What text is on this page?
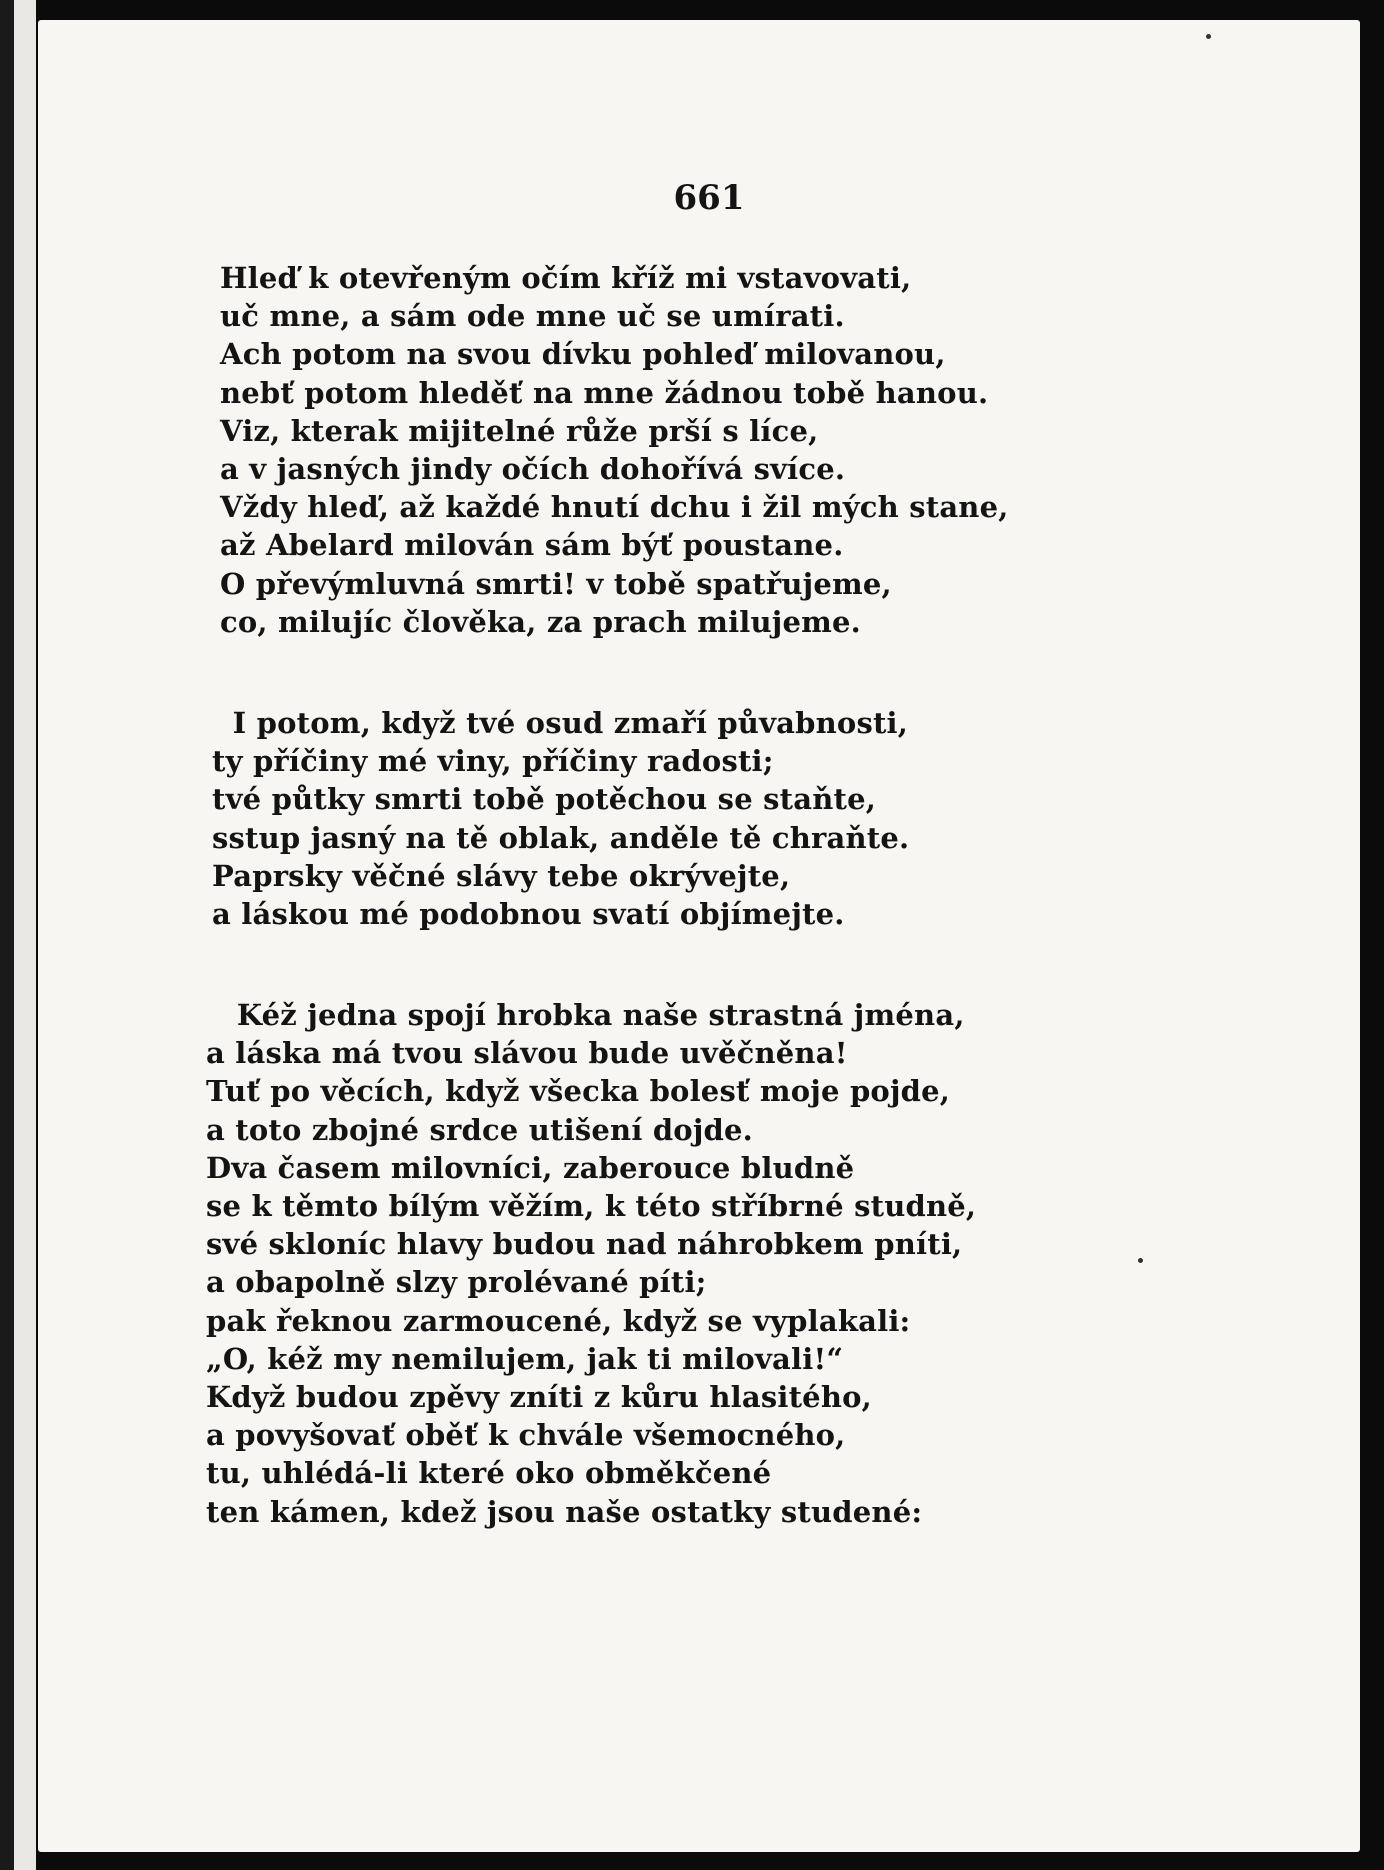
661
Hleď k otevřeným očím kříž mi vstavovati,
uč mne, a sám ode mne uč se umírati.
Ach potom na svou dívku pohleď milovanou,
nebť potom hleděť na mne žádnou tobě hanou.
Viz, kterak mijitelné růže prší s líce,
a v jasných jindy očích dohořívá svíce.
Vždy hleď, až každé hnutí dchu i žil mých stane,
až Abelard milován sám býť poustane.
O převýmluvná smrti! v tobě spatřujeme,
co, milujíc člověka, za prach milujeme.
I potom, když tvé osud zmaří půvabnosti,
ty příčiny mé viny, příčiny radosti;
tvé půtky smrti tobě potěchou se staňte,
sstup jasný na tě oblak, anděle tě chraňte.
Paprsky věčné slávy tebe okrývejte,
a láskou mé podobnou svatí objímejte.
Kéž jedna spojí hrobka naše strastná jména,
a láska má tvou slávou bude uvěčněna!
Tuť po věcích, když všecka bolesť moje pojde,
a toto zbojné srdce utišení dojde.
Dva časem milovníci, zaberouce bludně
se k těmto bílým věžím, k této stříbrné studně,
své skloníc hlavy budou nad náhrobkem pníti,
a obapolně slzy prolévané píti;
pak řeknou zarmoucené, když se vyplakali:
„O, kéž my nemilujem, jak ti milovali!“
Když budou zpěvy zníti z kůru hlasitého,
a povyšovať oběť k chvále všemocného,
tu, uhlédá-li které oko obměkčené
ten kámen, kdež jsou naše ostatky studené:
